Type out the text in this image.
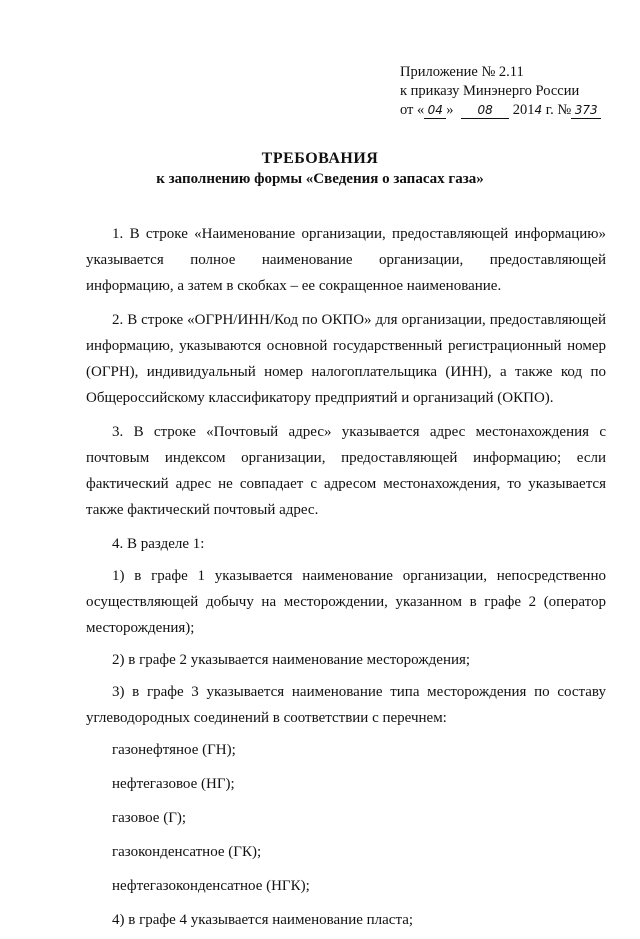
Приложение № 2.11
к приказу Минэнерго России
от « 04 » 08 2014 г. № 373
ТРЕБОВАНИЯ
к заполнению формы «Сведения о запасах газа»
1. В строке «Наименование организации, предоставляющей информацию» указывается полное наименование организации, предоставляющей информацию, а затем в скобках – ее сокращенное наименование.
2. В строке «ОГРН/ИНН/Код по ОКПО» для организации, предоставляющей информацию, указываются основной государственный регистрационный номер (ОГРН), индивидуальный номер налогоплательщика (ИНН), а также код по Общероссийскому классификатору предприятий и организаций (ОКПО).
3. В строке «Почтовый адрес» указывается адрес местонахождения с почтовым индексом организации, предоставляющей информацию; если фактический адрес не совпадает с адресом местонахождения, то указывается также фактический почтовый адрес.
4. В разделе 1:
1) в графе 1 указывается наименование организации, непосредственно осуществляющей добычу на месторождении, указанном в графе 2 (оператор месторождения);
2) в графе 2 указывается наименование месторождения;
3) в графе 3 указывается наименование типа месторождения по составу углеводородных соединений в соответствии с перечнем:
газонефтяное (ГН);
нефтегазовое (НГ);
газовое (Г);
газоконденсатное (ГК);
нефтегазоконденсатное (НГК);
4) в графе 4 указывается наименование пласта;
